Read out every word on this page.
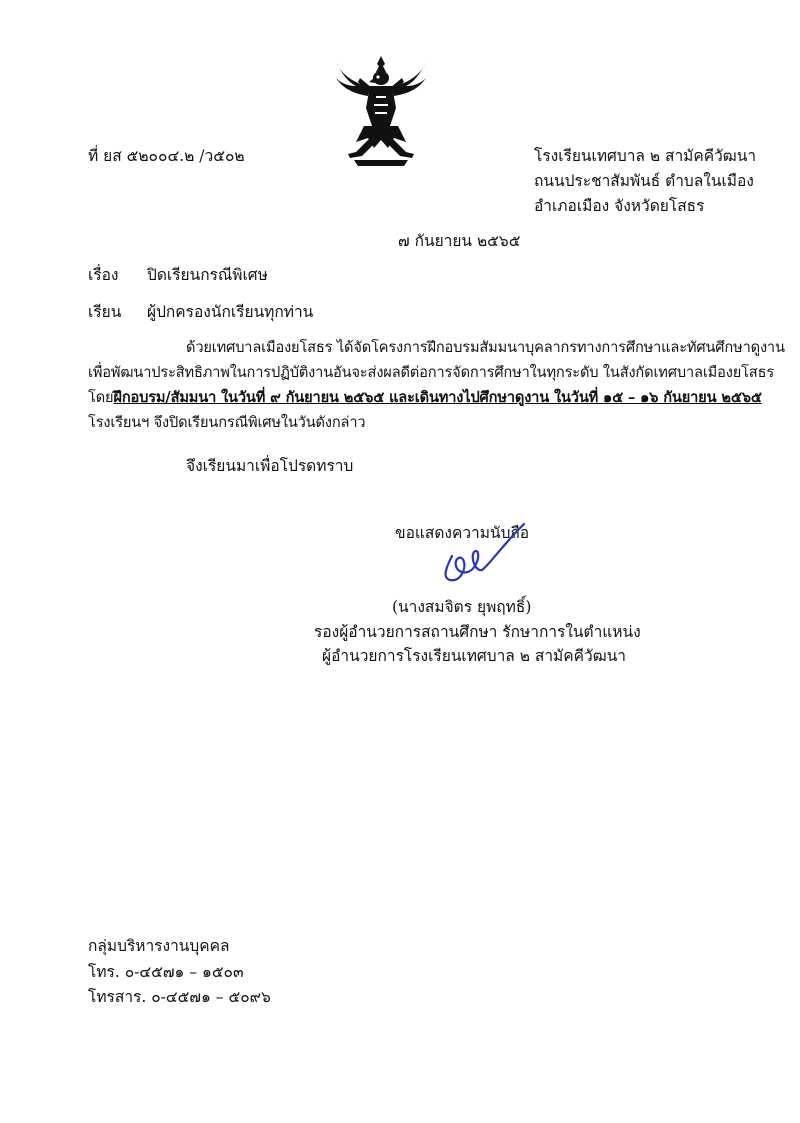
ที่ ยส ๕๒๐๐๔.๒ /ว๕๐๒	โรงเรียนเทศบาล ๒ สามัคคีวัฒนา
ถนนประชาสัมพันธ์ ตำบลในเมือง
อำเภอเมือง จังหวัดยโสธร
๗ กันยายน ๒๕๖๕
เรื่อง ปิดเรียนกรณีพิเศษ
เรียน ผู้ปกครองนักเรียนทุกท่าน
ด้วยเทศบาลเมืองยโสธร ได้จัดโครงการฝึกอบรมสัมมนาบุคลากรทางการศึกษาและทัศนศึกษาดูงาน
เพื่อพัฒนาประสิทธิภาพในการปฏิบัติงานอันจะส่งผลดีต่อการจัดการศึกษาในทุกระดับ ในสังกัดเทศบาลเมืองยโสธร
โดยฝึกอบรม/สัมมนา ในวันที่ ๙ กันยายน ๒๕๖๕ และเดินทางไปศึกษาดูงาน ในวันที่ ๑๕ – ๑๖ กันยายน ๒๕๖๕
โรงเรียนฯ จึงปิดเรียนกรณีพิเศษในวันดังกล่าว
จึงเรียนมาเพื่อโปรดทราบ
ขอแสดงความนับถือ
(นางสมจิตร ยุพฤทธิ์)
รองผู้อำนวยการสถานศึกษา รักษาการในตำแหน่ง
ผู้อำนวยการโรงเรียนเทศบาล ๒ สามัคคีวัฒนา
กลุ่มบริหารงานบุคคล
โทร. ๐-๔๕๗๑ – ๑๕๐๓
โทรสาร. ๐-๔๕๗๑ – ๕๐๙๖
